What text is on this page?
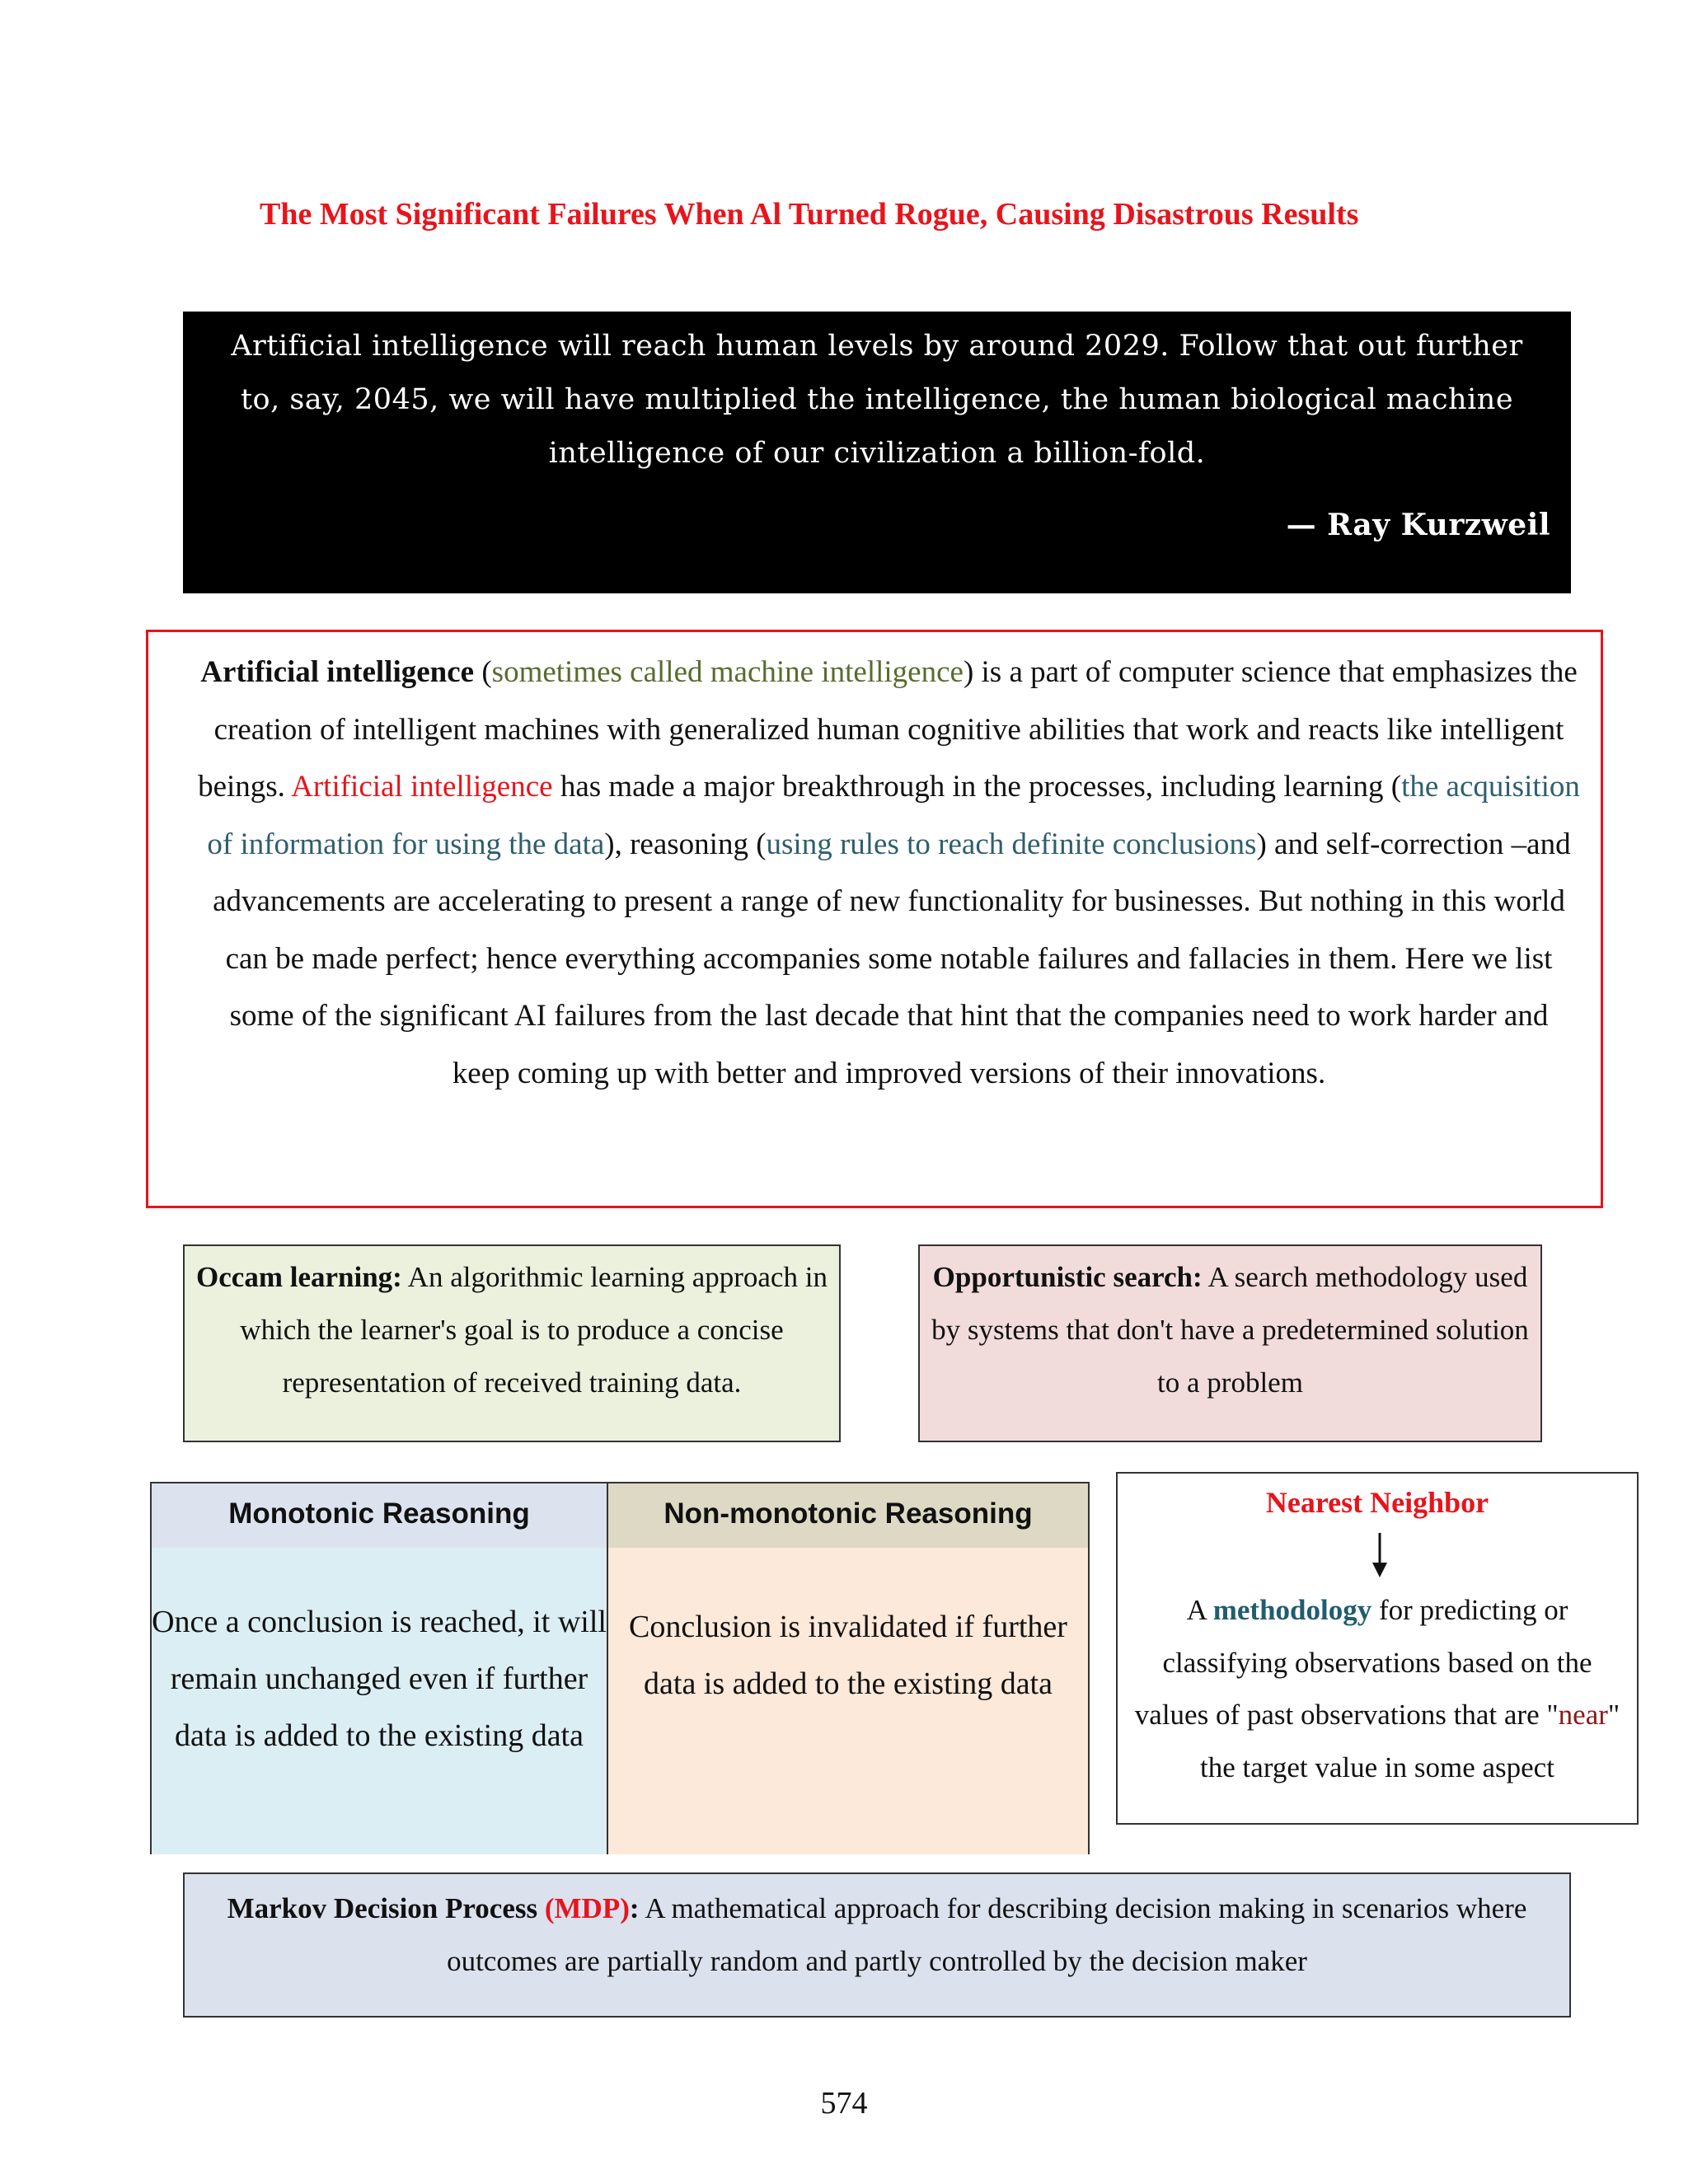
The Most Significant Failures When Al Turned Rogue, Causing Disastrous Results
Artificial intelligence will reach human levels by around 2029. Follow that out further to, say, 2045, we will have multiplied the intelligence, the human biological machine intelligence of our civilization a billion-fold.
— Ray Kurzweil
Artificial intelligence (sometimes called machine intelligence) is a part of computer science that emphasizes the creation of intelligent machines with generalized human cognitive abilities that work and reacts like intelligent beings. Artificial intelligence has made a major breakthrough in the processes, including learning (the acquisition of information for using the data), reasoning (using rules to reach definite conclusions) and self-correction –and advancements are accelerating to present a range of new functionality for businesses. But nothing in this world can be made perfect; hence everything accompanies some notable failures and fallacies in them. Here we list some of the significant AI failures from the last decade that hint that the companies need to work harder and keep coming up with better and improved versions of their innovations.
Occam learning: An algorithmic learning approach in which the learner's goal is to produce a concise representation of received training data.
Opportunistic search: A search methodology used by systems that don't have a predetermined solution to a problem
Monotonic Reasoning
Once a conclusion is reached, it will remain unchanged even if further data is added to the existing data
Non-monotonic Reasoning
Conclusion is invalidated if further data is added to the existing data
Nearest Neighbor
A methodology for predicting or classifying observations based on the values of past observations that are "near" the target value in some aspect
Markov Decision Process (MDP): A mathematical approach for describing decision making in scenarios where outcomes are partially random and partly controlled by the decision maker
574
